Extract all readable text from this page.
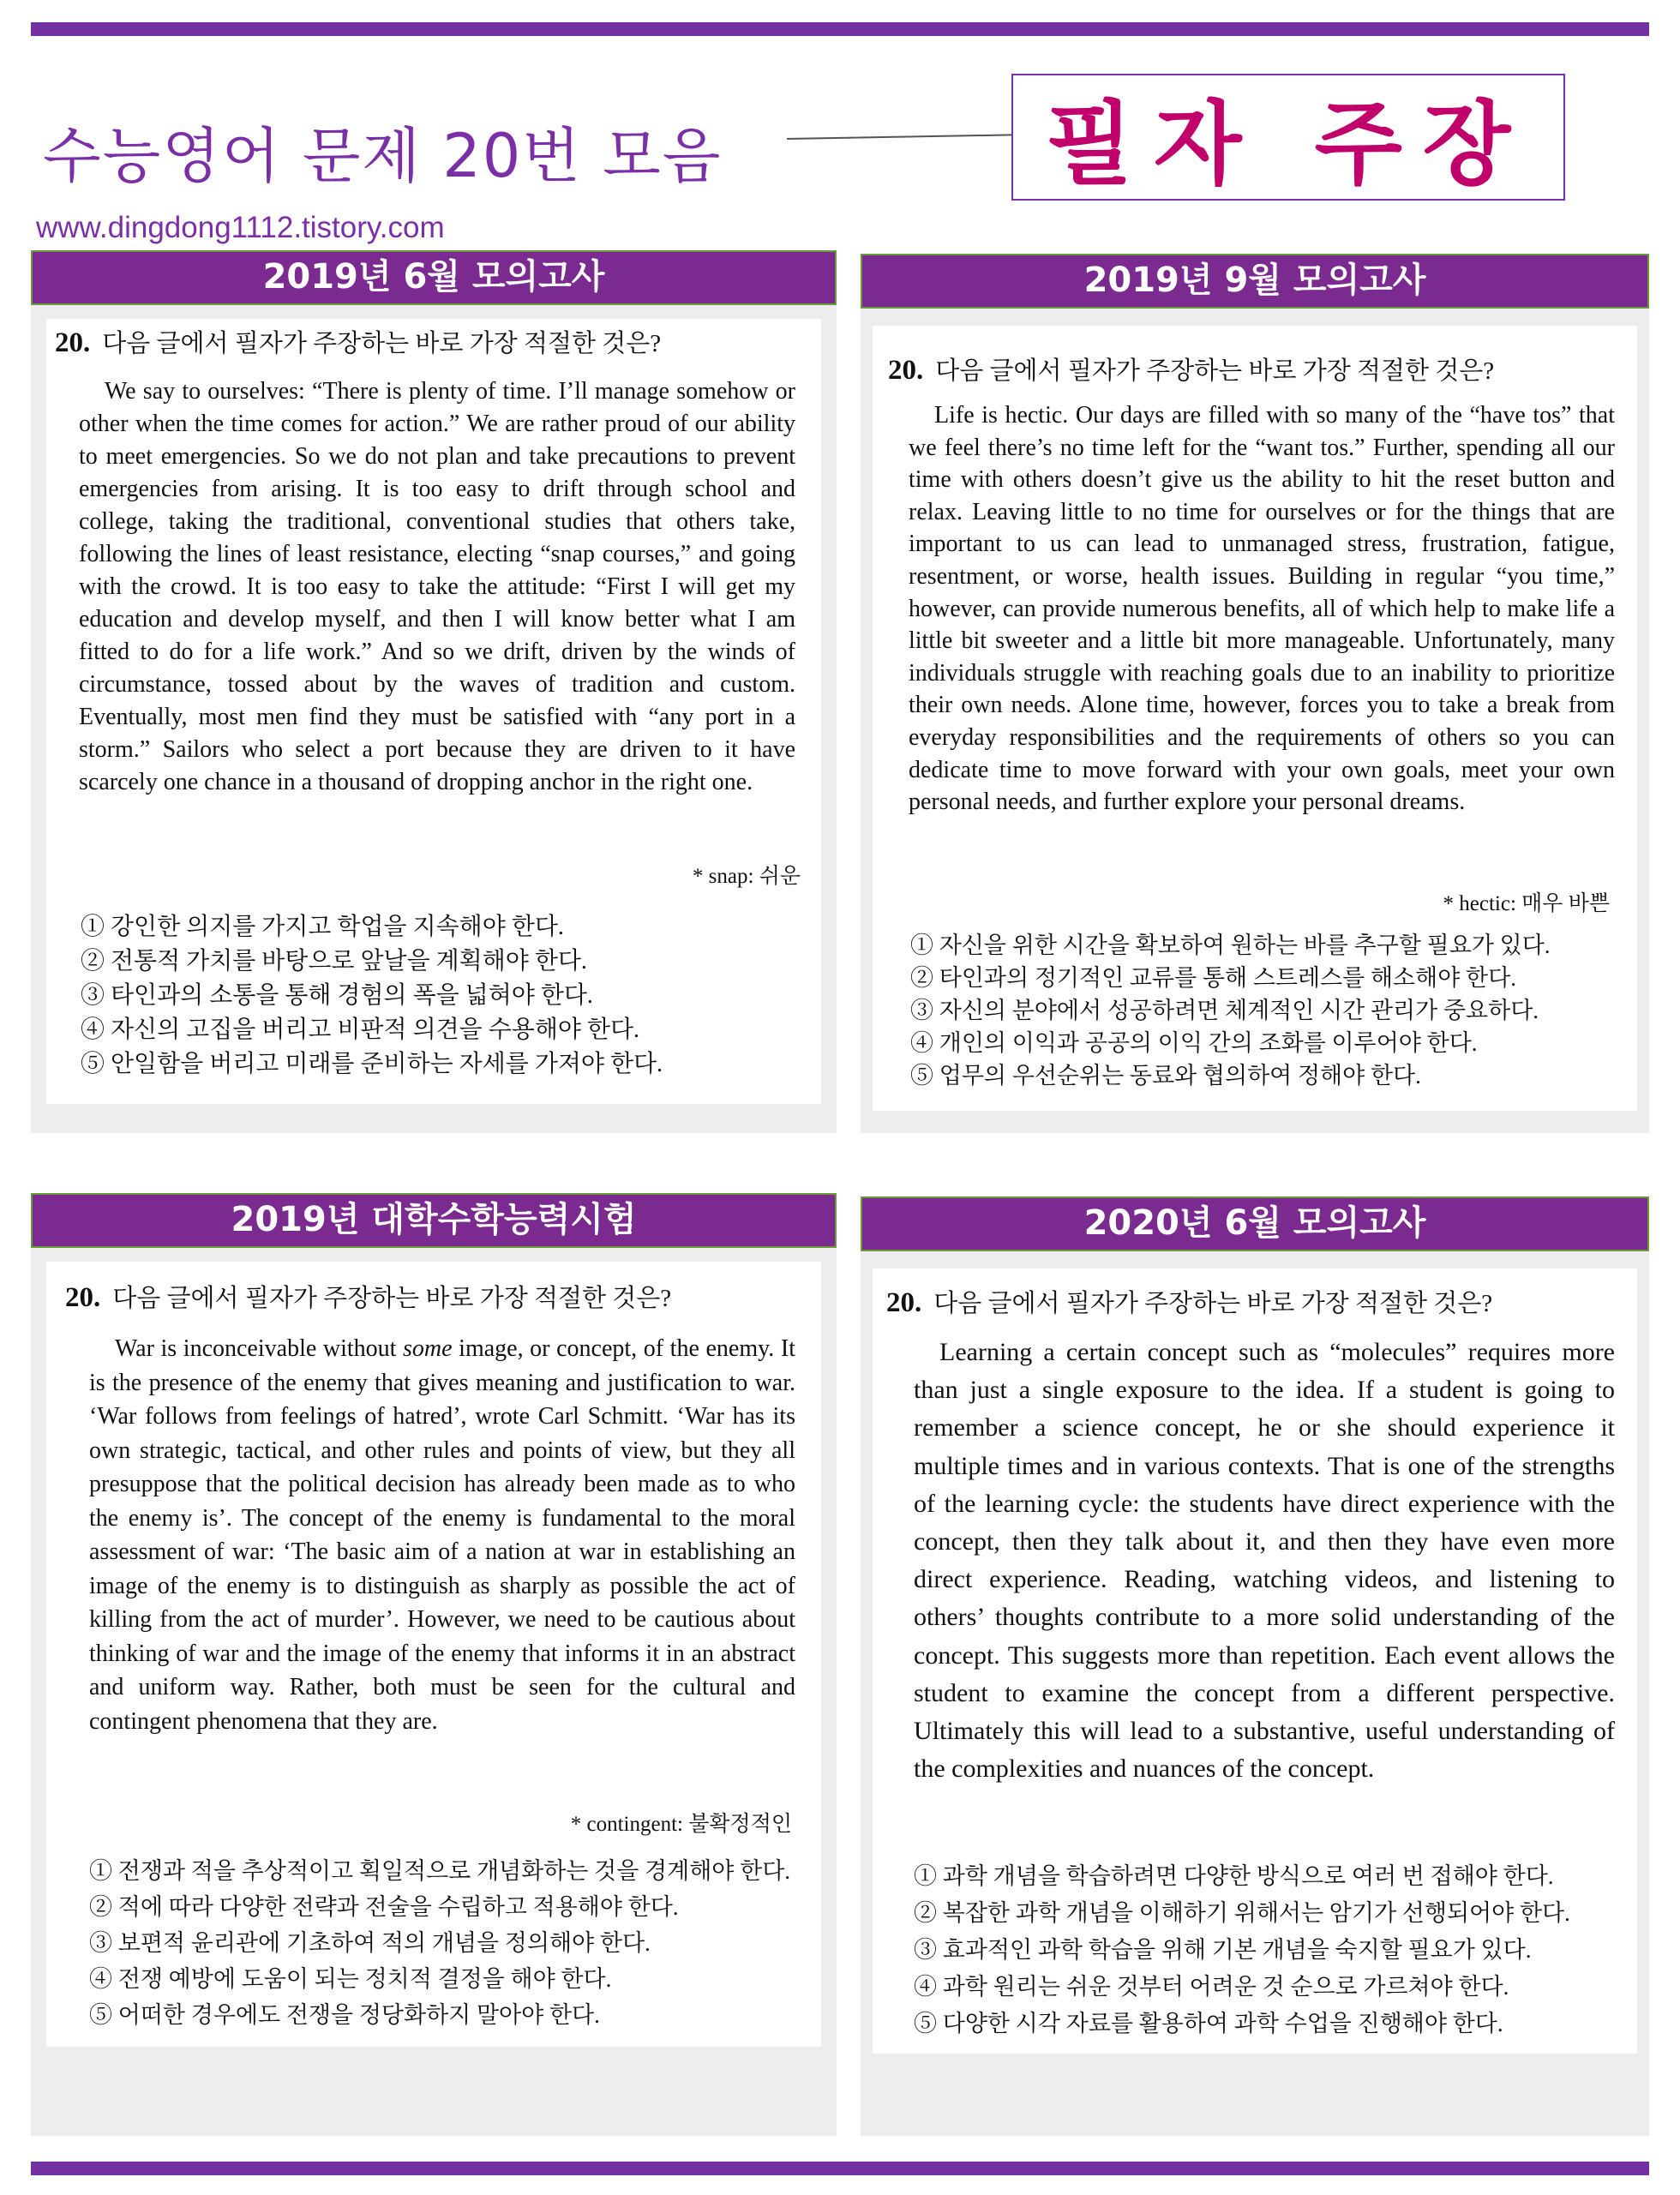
수능영어 문제 20번 모음	필자 주장
www.dingdong1112.tistory.com
2019년 6월 모의고사
20. 다음 글에서 필자가 주장하는 바로 가장 적절한 것은?
We say to ourselves: “There is plenty of time. I’ll manage somehow or other when the time comes for action.” We are rather proud of our ability to meet emergencies. So we do not plan and take precautions to prevent emergencies from arising. It is too easy to drift through school and college, taking the traditional, conventional studies that others take, following the lines of least resistance, electing “snap courses,” and going with the crowd. It is too easy to take the attitude: “First I will get my education and develop myself, and then I will know better what I am fitted to do for a life work.” And so we drift, driven by the winds of circumstance, tossed about by the waves of tradition and custom. Eventually, most men find they must be satisfied with “any port in a storm.” Sailors who select a port because they are driven to it have scarcely one chance in a thousand of dropping anchor in the right one.
* snap: 쉬운
① 강인한 의지를 가지고 학업을 지속해야 한다.
② 전통적 가치를 바탕으로 앞날을 계획해야 한다.
③ 타인과의 소통을 통해 경험의 폭을 넓혀야 한다.
④ 자신의 고집을 버리고 비판적 의견을 수용해야 한다.
⑤ 안일함을 버리고 미래를 준비하는 자세를 가져야 한다.
2019년 9월 모의고사
20. 다음 글에서 필자가 주장하는 바로 가장 적절한 것은?
Life is hectic. Our days are filled with so many of the “have tos” that we feel there’s no time left for the “want tos.” Further, spending all our time with others doesn’t give us the ability to hit the reset button and relax. Leaving little to no time for ourselves or for the things that are important to us can lead to unmanaged stress, frustration, fatigue, resentment, or worse, health issues. Building in regular “you time,” however, can provide numerous benefits, all of which help to make life a little bit sweeter and a little bit more manageable. Unfortunately, many individuals struggle with reaching goals due to an inability to prioritize their own needs. Alone time, however, forces you to take a break from everyday responsibilities and the requirements of others so you can dedicate time to move forward with your own goals, meet your own personal needs, and further explore your personal dreams.
* hectic: 매우 바쁜
① 자신을 위한 시간을 확보하여 원하는 바를 추구할 필요가 있다.
② 타인과의 정기적인 교류를 통해 스트레스를 해소해야 한다.
③ 자신의 분야에서 성공하려면 체계적인 시간 관리가 중요하다.
④ 개인의 이익과 공공의 이익 간의 조화를 이루어야 한다.
⑤ 업무의 우선순위는 동료와 협의하여 정해야 한다.
2019년 대학수학능력시험
20. 다음 글에서 필자가 주장하는 바로 가장 적절한 것은?
War is inconceivable without some image, or concept, of the enemy. It is the presence of the enemy that gives meaning and justification to war. ‘War follows from feelings of hatred’, wrote Carl Schmitt. ‘War has its own strategic, tactical, and other rules and points of view, but they all presuppose that the political decision has already been made as to who the enemy is’. The concept of the enemy is fundamental to the moral assessment of war: ‘The basic aim of a nation at war in establishing an image of the enemy is to distinguish as sharply as possible the act of killing from the act of murder’. However, we need to be cautious about thinking of war and the image of the enemy that informs it in an abstract and uniform way. Rather, both must be seen for the cultural and contingent phenomena that they are.
* contingent: 불확정적인
① 전쟁과 적을 추상적이고 획일적으로 개념화하는 것을 경계해야 한다.
② 적에 따라 다양한 전략과 전술을 수립하고 적용해야 한다.
③ 보편적 윤리관에 기초하여 적의 개념을 정의해야 한다.
④ 전쟁 예방에 도움이 되는 정치적 결정을 해야 한다.
⑤ 어떠한 경우에도 전쟁을 정당화하지 말아야 한다.
2020년 6월 모의고사
20. 다음 글에서 필자가 주장하는 바로 가장 적절한 것은?
Learning a certain concept such as “molecules” requires more than just a single exposure to the idea. If a student is going to remember a science concept, he or she should experience it multiple times and in various contexts. That is one of the strengths of the learning cycle: the students have direct experience with the concept, then they talk about it, and then they have even more direct experience. Reading, watching videos, and listening to others’ thoughts contribute to a more solid understanding of the concept. This suggests more than repetition. Each event allows the student to examine the concept from a different perspective. Ultimately this will lead to a substantive, useful understanding of the complexities and nuances of the concept.
① 과학 개념을 학습하려면 다양한 방식으로 여러 번 접해야 한다.
② 복잡한 과학 개념을 이해하기 위해서는 암기가 선행되어야 한다.
③ 효과적인 과학 학습을 위해 기본 개념을 숙지할 필요가 있다.
④ 과학 원리는 쉬운 것부터 어려운 것 순으로 가르쳐야 한다.
⑤ 다양한 시각 자료를 활용하여 과학 수업을 진행해야 한다.
